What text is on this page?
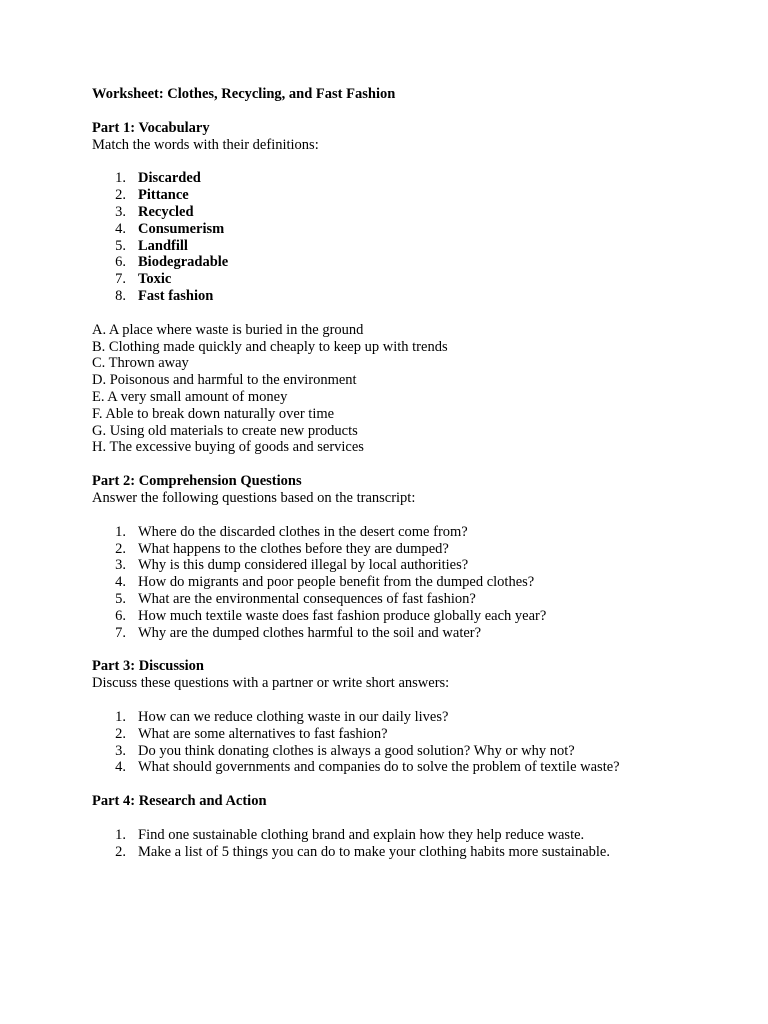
Worksheet: Clothes, Recycling, and Fast Fashion

Part 1: Vocabulary

Match the words with their definitions:

1. Discarded
2. Pittance
3. Recycled
4. Consumerism
5. Landfill
6. Biodegradable
7. Toxic
8. Fast fashion

A. A place where waste is buried in the ground

B. Clothing made quickly and cheaply to keep up with trends

C. Thrown away

D. Poisonous and harmful to the environment

E. A very small amount of money

F. Able to break down naturally over time

G. Using old materials to create new products

H. The excessive buying of goods and services

Part 2: Comprehension Questions

Answer the following questions based on the transcript:

1. Where do the discarded clothes in the desert come from?
2. What happens to the clothes before they are dumped?
3. Why is this dump considered illegal by local authorities?
4. How do migrants and poor people benefit from the dumped clothes?
5. What are the environmental consequences of fast fashion?
6. How much textile waste does fast fashion produce globally each year?
7. Why are the dumped clothes harmful to the soil and water?

Part 3: Discussion

Discuss these questions with a partner or write short answers:

1. How can we reduce clothing waste in our daily lives?
2. What are some alternatives to fast fashion?
3. Do you think donating clothes is always a good solution? Why or why not?
4. What should governments and companies do to solve the problem of textile waste?

Part 4: Research and Action

1. Find one sustainable clothing brand and explain how they help reduce waste.
2. Make a list of 5 things you can do to make your clothing habits more sustainable.
